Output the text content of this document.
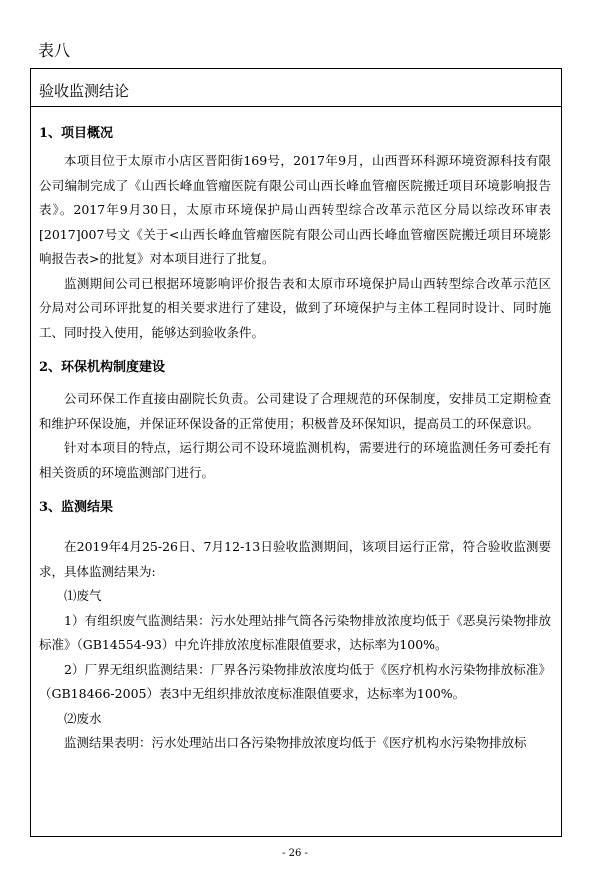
表八
验收监测结论
1、项目概况

本项目位于太原市小店区晋阳街169号，2017年9月，山西晋环科源环境资源科技有限公司编制完成了《山西长峰血管瘤医院有限公司山西长峰血管瘤医院搬迁项目环境影响报告表》。2017年9月30日，太原市环境保护局山西转型综合改革示范区分局以综改环审表[2017]007号文《关于<山西长峰血管瘤医院有限公司山西长峰血管瘤医院搬迁项目环境影响报告表>的批复》对本项目进行了批复。

监测期间公司已根据环境影响评价报告表和太原市环境保护局山西转型综合改革示范区分局对公司环评批复的相关要求进行了建设，做到了环境保护与主体工程同时设计、同时施工、同时投入使用，能够达到验收条件。

2、环保机构制度建设

公司环保工作直接由副院长负责。公司建设了合理规范的环保制度，安排员工定期检查和维护环保设施，并保证环保设备的正常使用；积极普及环保知识，提高员工的环保意识。

针对本项目的特点，运行期公司不设环境监测机构，需要进行的环境监测任务可委托有相关资质的环境监测部门进行。

3、监测结果

在2019年4月25-26日、7月12-13日验收监测期间，该项目运行正常，符合验收监测要求，具体监测结果为:

⑴废气

1）有组织废气监测结果：污水处理站排气筒各污染物排放浓度均低于《恶臭污染物排放标准》（GB14554-93）中允许排放浓度标准限值要求，达标率为100%。

2）厂界无组织监测结果：厂界各污染物排放浓度均低于《医疗机构水污染物排放标准》（GB18466-2005）表3中无组织排放浓度标准限值要求，达标率为100%。

⑵废水

监测结果表明：污水处理站出口各污染物排放浓度均低于《医疗机构水污染物排放标

- 26 -
